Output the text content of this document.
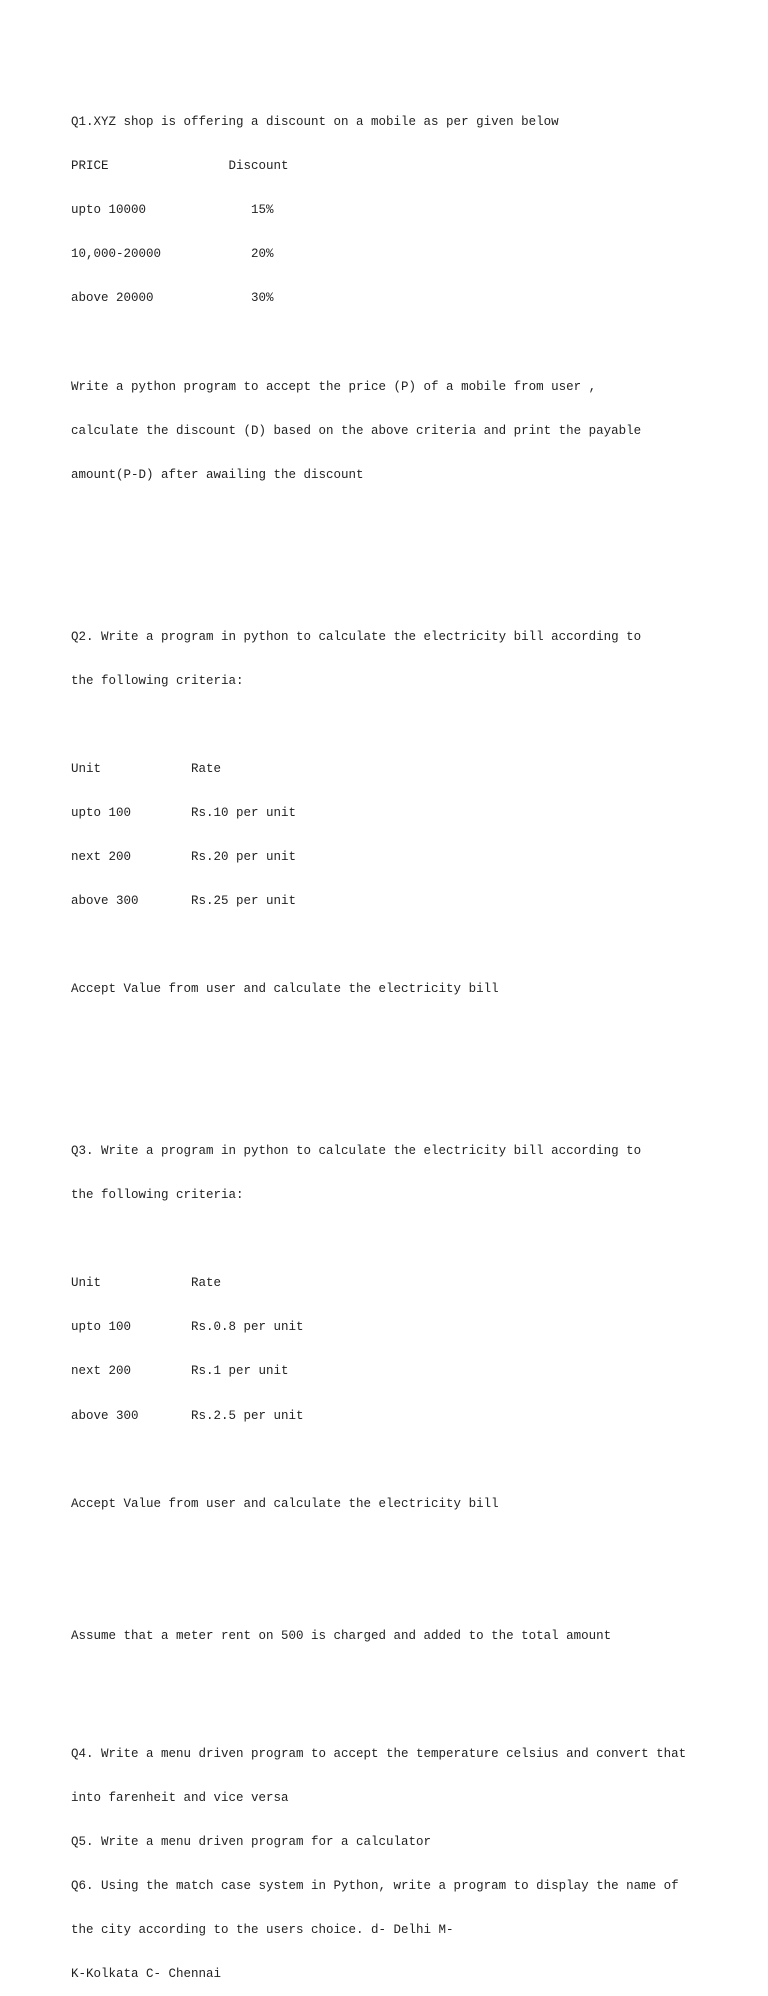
Q1.XYZ shop is offering a discount on a mobile as per given below

PRICE                Discount

upto 10000              15%

10,000-20000            20%

above 20000             30%

Write a python program to accept the price (P) of a mobile from user ,

calculate the discount (D) based on the above criteria and print the payable

amount(P-D) after awailing the discount

Q2. Write a program in python to calculate the electricity bill according to

the following criteria:

Unit            Rate

upto 100        Rs.10 per unit

next 200        Rs.20 per unit

above 300       Rs.25 per unit

Accept Value from user and calculate the electricity bill

Q3. Write a program in python to calculate the electricity bill according to

the following criteria:

Unit            Rate

upto 100        Rs.0.8 per unit

next 200        Rs.1 per unit

above 300       Rs.2.5 per unit

Accept Value from user and calculate the electricity bill

Assume that a meter rent on 500 is charged and added to the total amount

Q4. Write a menu driven program to accept the temperature celsius and convert that

into farenheit and vice versa

Q5. Write a menu driven program for a calculator

Q6. Using the match case system in Python, write a program to display the name of

the city according to the users choice. d- Delhi M-

K-Kolkata C- Chennai
